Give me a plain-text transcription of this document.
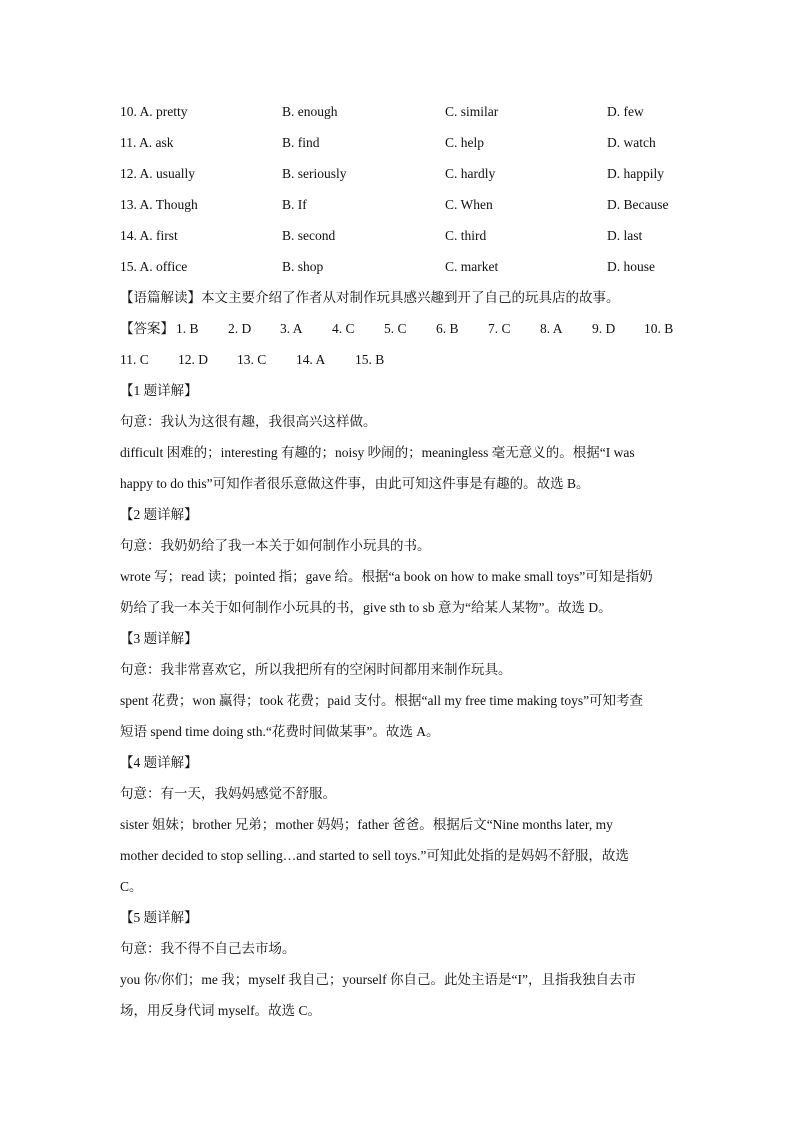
10. A. pretty	B. enough	C. similar	D. few
11. A. ask	B. find	C. help	D. watch
12. A. usually	B. seriously	C. hardly	D. happily
13. A. Though	B. If	C. When	D. Because
14. A. first	B. second	C. third	D. last
15. A. office	B. shop	C. market	D. house
【语篇解读】本文主要介绍了作者从对制作玩具感兴趣到开了自己的玩具店的故事。
【答案】 1. B 2. D 3. A 4. C 5. C 6. B 7. C 8. A 9. D 10. B
11. C 12. D 13. C 14. A 15. B
【1 题详解】
句意：我认为这很有趣，我很高兴这样做。
difficult 困难的；interesting 有趣的；noisy 吵闹的；meaningless 毫无意义的。根据“I was
happy to do this”可知作者很乐意做这件事，由此可知这件事是有趣的。故选 B。
【2 题详解】
句意：我奶奶给了我一本关于如何制作小玩具的书。
wrote 写；read 读；pointed 指；gave 给。根据“a book on how to make small toys”可知是指奶
奶给了我一本关于如何制作小玩具的书，give sth to sb 意为“给某人某物”。故选 D。
【3 题详解】
句意：我非常喜欢它，所以我把所有的空闲时间都用来制作玩具。
spent 花费；won 赢得；took 花费；paid 支付。根据“all my free time making toys”可知考查
短语 spend time doing sth.“花费时间做某事”。故选 A。
【4 题详解】
句意：有一天，我妈妈感觉不舒服。
sister 姐妹；brother 兄弟；mother 妈妈；father 爸爸。根据后文“Nine months later, my
mother decided to stop selling…and started to sell toys.”可知此处指的是妈妈不舒服，故选
C。
【5 题详解】
句意：我不得不自己去市场。
you 你/你们；me 我；myself 我自己；yourself 你自己。此处主语是“I”，且指我独自去市
场，用反身代词 myself。故选 C。
